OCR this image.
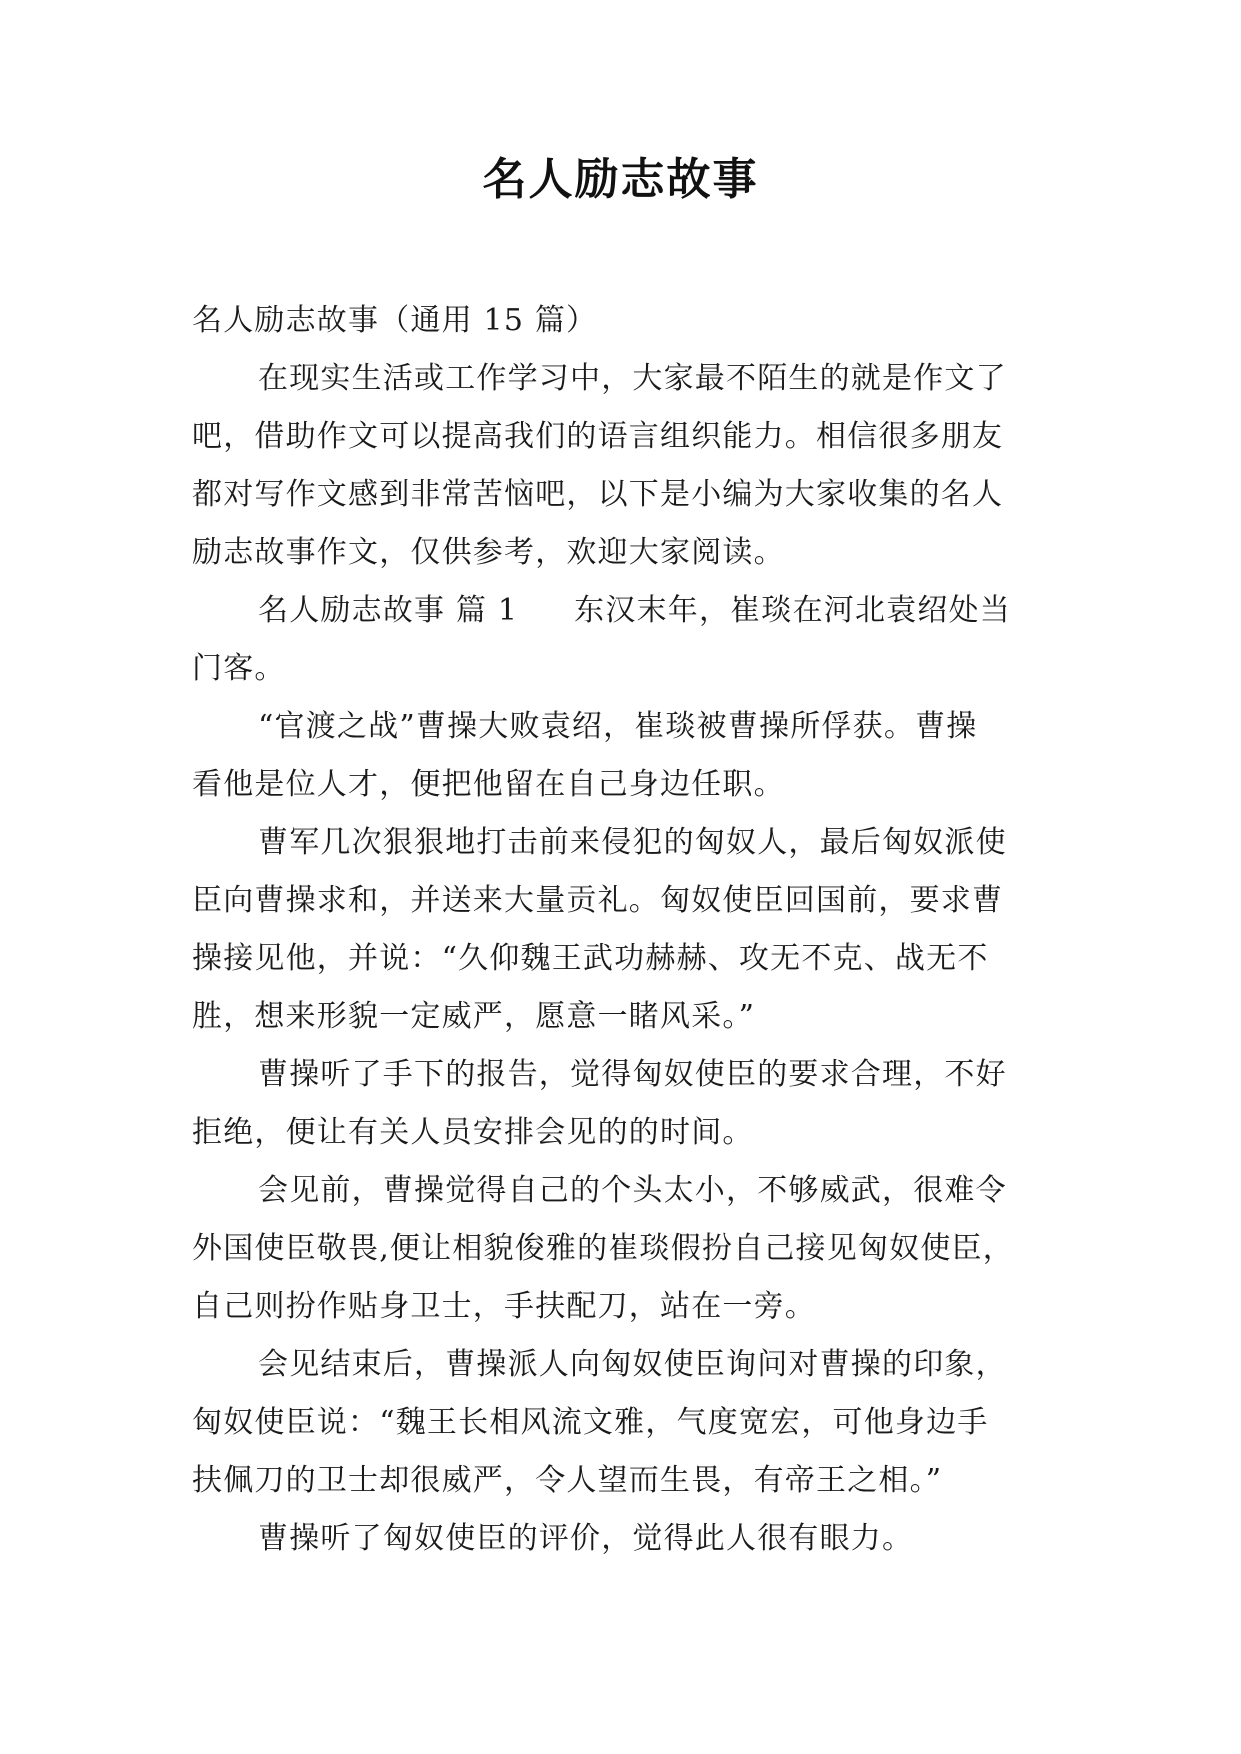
名人励志故事
名人励志故事（通用 15 篇）
在现实生活或工作学习中，大家最不陌生的就是作文了
吧，借助作文可以提高我们的语言组织能力。相信很多朋友
都对写作文感到非常苦恼吧，以下是小编为大家收集的名人
励志故事作文，仅供参考，欢迎大家阅读。
名人励志故事 篇 1 东汉末年，崔琰在河北袁绍处当
门客。
“官渡之战”曹操大败袁绍，崔琰被曹操所俘获。曹操
看他是位人才，便把他留在自己身边任职。
曹军几次狠狠地打击前来侵犯的匈奴人，最后匈奴派使
臣向曹操求和，并送来大量贡礼。匈奴使臣回国前，要求曹
操接见他，并说：“久仰魏王武功赫赫、攻无不克、战无不
胜，想来形貌一定威严，愿意一睹风采。”
曹操听了手下的报告，觉得匈奴使臣的要求合理，不好
拒绝，便让有关人员安排会见的的时间。
会见前，曹操觉得自己的个头太小，不够威武，很难令
外国使臣敬畏,便让相貌俊雅的崔琰假扮自己接见匈奴使臣，
自己则扮作贴身卫士，手扶配刀，站在一旁。
会见结束后，曹操派人向匈奴使臣询问对曹操的印象，
匈奴使臣说：“魏王长相风流文雅，气度宽宏，可他身边手
扶佩刀的卫士却很威严，令人望而生畏，有帝王之相。”
曹操听了匈奴使臣的评价，觉得此人很有眼力。
